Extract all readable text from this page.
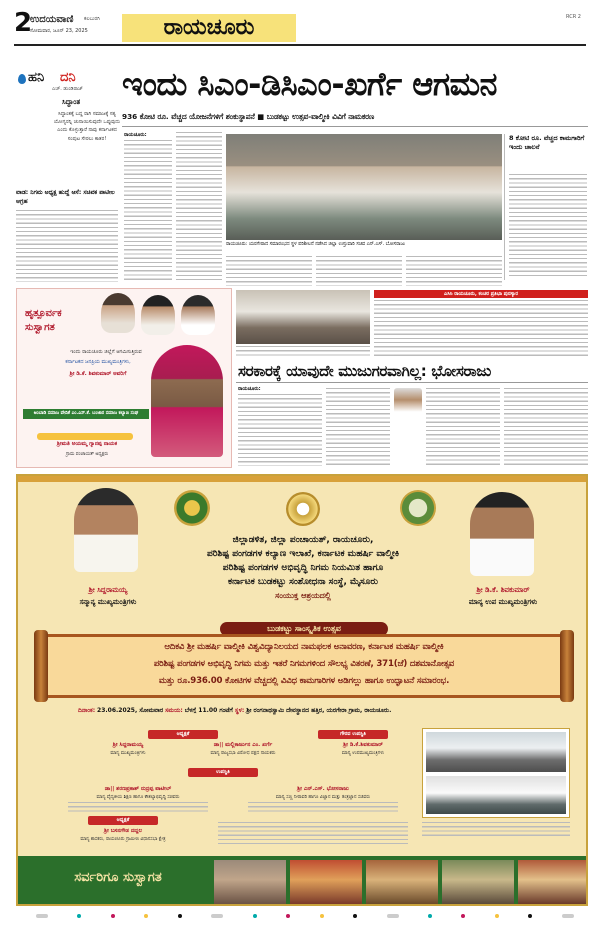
2
ಉದಯವಾಣಿ ಕಲಬುರಗಿ
ಸೋಮವಾರ, ಜೂನ್ 23, 2025	ರಾಯಚೂರು	RCR 2
ಹನಿ ದನಿ
ಎಚ್. ಡುಂಡಿರಾಜ್
ಸಿದ್ಧಾಂತ
ಸಿದ್ಧಾಂತಕ್ಕೆ ಬದ್ಧ ರಾಗಿ ಸಮಾಜಕ್ಕೆ ಸತ್ಯ ಯೋಗ್ಯರನ್ನಿ ಚುನಾಯಿಸುವುದೇ ಒಪ್ಪುವುದು ಎಂದು ಕೊಳ್ಳುತ್ತಾರೆ ನಾವು ಕರ್ನಾಟಕದ ಸಂಪುಟ ಸೇರಲು ಕಾತರ!
ವಾಡ: ನಿಗಮ ಅಧ್ಯಕ್ಷ ಹುದ್ದೆ ಆಸೆ: ಸಚಿವಕ ಪಾಟೀಲ ಆಗ್ರಹ
ಹೃತ್ಪೂರ್ವಕ ಸುಸ್ವಾಗತ
ಇಂದು ರಾಯಚೂರು ಜಿಲ್ಲೆಗೆ ಆಗಮಿಸುತ್ತಿರುವ
ಕರ್ನಾಟಕದ ಜನಪ್ರಿಯ ಮುಖ್ಯಮಂತ್ರಿಗಳು,
ಶ್ರೀ ಡಿ.ಕೆ. ಶಿವಕುಮಾರ್ ಅವರಿಗೆ
ಅಂಬಾಡಿ ಸಮಾಜ ವೇದಿಕೆ ಎಂ.ಎಸ್.ಕೆ. ಬಂಜಾರ ಸಮಾಜ ಕಲ್ಯಾಣ ಸಂಘ
ಶ್ರೀಮತಿ ಅಯಮ್ಮ ಗ್ಯಾನಪ್ಪ ನಾಯಕ
ಗ್ರಾಮ ಪಂಚಾಯತ್ ಅಧ್ಯಕ್ಷರು
ಇಂದು ಸಿಎಂ-ಡಿಸಿಎಂ-ಖರ್ಗೆ ಆಗಮನ
936 ಕೋಟಿ ರೂ. ವೆಚ್ಚದ ಯೋಜನೆಗಳಿಗೆ ಶಂಕುಸ್ಥಾಪನೆ ■ ಬುಡಕಟ್ಟು ಉತ್ಸವ-ವಾಲ್ಮೀಕಿ ವಿವಿಗೆ ನಾಮಕರಣ
ರಾಯಚೂರು:
ರಾಯಚೂರು: ಯರಗೇರಾದ ಸಮಾರಂಭದ ಸ್ಥಳ ಪರಿಶೀಲನೆ ನಡೆಸಿದ ಜಿಲ್ಲಾ ಉಸ್ತುವಾರಿ ಸಚಿವ ಎನ್.ಎಸ್. ಬೋಸರಾಜು
8 ಕೋಟಿ ರೂ. ವೆಚ್ಚದ ಕಾಮಗಾರಿಗೆ ಇಂದು ಚಾಲನೆ
ಎಸಿಸಿ ರಾಯಚೂರು, ಕಂಚರ ಪ್ರತಿಭಾ ಪುರಸ್ಕಾರ
ಸರಕಾರಕ್ಕೆ ಯಾವುದೇ ಮುಜುಗರವಾಗಿಲ್ಲ: ಭೋಸರಾಜು
ರಾಯಚೂರು:
ಶ್ರೀ ಸಿದ್ದರಾಮಯ್ಯ
ಸನ್ಮಾನ್ಯ ಮುಖ್ಯಮಂತ್ರಿಗಳು
ಶ್ರೀ ಡಿ.ಕೆ. ಶಿವಕುಮಾರ್
ಮಾನ್ಯ ಉಪ ಮುಖ್ಯಮಂತ್ರಿಗಳು
ಜಿಲ್ಲಾಡಳಿತ, ಜಿಲ್ಲಾ ಪಂಚಾಯತ್, ರಾಯಚೂರು,
ಪರಿಶಿಷ್ಟ ಪಂಗಡಗಳ ಕಲ್ಯಾಣ ಇಲಾಖೆ, ಕರ್ನಾಟಕ ಮಹರ್ಷಿ ವಾಲ್ಮೀಕಿ
ಪರಿಶಿಷ್ಟ ಪಂಗಡಗಳ ಅಭಿವೃದ್ಧಿ ನಿಗಮ ನಿಯಮಿತ ಹಾಗೂ
ಕರ್ನಾಟಕ ಬುಡಕಟ್ಟು ಸಂಶೋಧನಾ ಸಂಸ್ಥೆ, ಮೈಸೂರು
ಸಂಯುಕ್ತ ಆಶ್ರಯದಲ್ಲಿ
ಬುಡಕಟ್ಟು ಸಾಂಸ್ಕೃತಿಕ ಉತ್ಸವ
ಆದಿಕವಿ ಶ್ರೀ ಮಹರ್ಷಿ ವಾಲ್ಮೀಕಿ ವಿಶ್ವವಿದ್ಯಾನಿಲಯದ ನಾಮಫಲಕ ಅನಾವರಣ, ಕರ್ನಾಟಕ ಮಹರ್ಷಿ ವಾಲ್ಮೀಕಿ
ಪರಿಶಿಷ್ಟ ಪಂಗಡಗಳ ಅಭಿವೃದ್ಧಿ ನಿಗಮ ಮತ್ತು ಇತರೆ ನಿಗಮಗಳಿಂದ ಸೌಲಭ್ಯ ವಿತರಣೆ, 371(ಜೆ) ದಶಮಾನೋತ್ಸವ
ಮತ್ತು ರೂ.936.00 ಕೋಟಿಗಳ ವೆಚ್ಚದಲ್ಲಿ ವಿವಿಧ ಕಾಮಗಾರಿಗಳ ಅಡಿಗಲ್ಲು ಹಾಗೂ ಉದ್ಘಾಟನೆ ಸಮಾರಂಭ.
ದಿನಾಂಕ: 23.06.2025, ಸೋಮವಾರ ಸಮಯ: ಬೆಳಗ್ಗೆ 11.00 ಗಂಟೆಗೆ ಸ್ಥಳ: ಶ್ರೀ ರಂಗನಾಥಸ್ವಾಮಿ ದೇವಸ್ಥಾನದ ಹತ್ತಿರ, ಯರಗೇರಾ ಗ್ರಾಮ, ರಾಯಚೂರು.
ಅಧ್ಯಕ್ಷತೆ	ಗೌರವ ಉಪಸ್ಥಿತಿ
ಶ್ರೀ ಸಿದ್ದರಾಮಯ್ಯ
ಮಾನ್ಯ ಮುಖ್ಯಮಂತ್ರಿಗಳು
ಡಾ|| ಮಲ್ಲಿಕಾರ್ಜುನ ಎಂ. ಖರ್ಗೆ
ಮಾನ್ಯ ರಾಜ್ಯಸಭಾ ವಿರೋಧ ಪಕ್ಷದ ನಾಯಕರು
ಶ್ರೀ ಡಿ.ಕೆ.ಶಿವಕುಮಾರ್
ಮಾನ್ಯ ಉಪಮುಖ್ಯಮಂತ್ರಿಗಳು
ಉಪಸ್ಥಿತಿ
ಡಾ|| ಶರಣಪ್ರಕಾಶ್ ರುದ್ರಪ್ಪ ಪಾಟೀಲ್
ಮಾನ್ಯ ವೈದ್ಯಕೀಯ ಶಿಕ್ಷಣ ಹಾಗೂ ಕೌಶಲ್ಯಾಭಿವೃದ್ಧಿ ಸಚಿವರು
ಶ್ರೀ ಎನ್.ಎಸ್. ಭೋಸರಾಜು
ಮಾನ್ಯ ಸಣ್ಣ ನೀರಾವರಿ ಹಾಗೂ ವಿಜ್ಞಾನ ಮತ್ತು ತಂತ್ರಜ್ಞಾನ ಸಚಿವರು
ಅಧ್ಯಕ್ಷತೆ
ಶ್ರೀ ಬಸನಗೌಡ ದದ್ದಲ
ಮಾನ್ಯ ಶಾಸಕರು, ರಾಯಚೂರು ಗ್ರಾಮೀಣ ವಿಧಾನಸಭಾ ಕ್ಷೇತ್ರ
ಸರ್ವರಿಗೂ ಸುಸ್ವಾಗತ
